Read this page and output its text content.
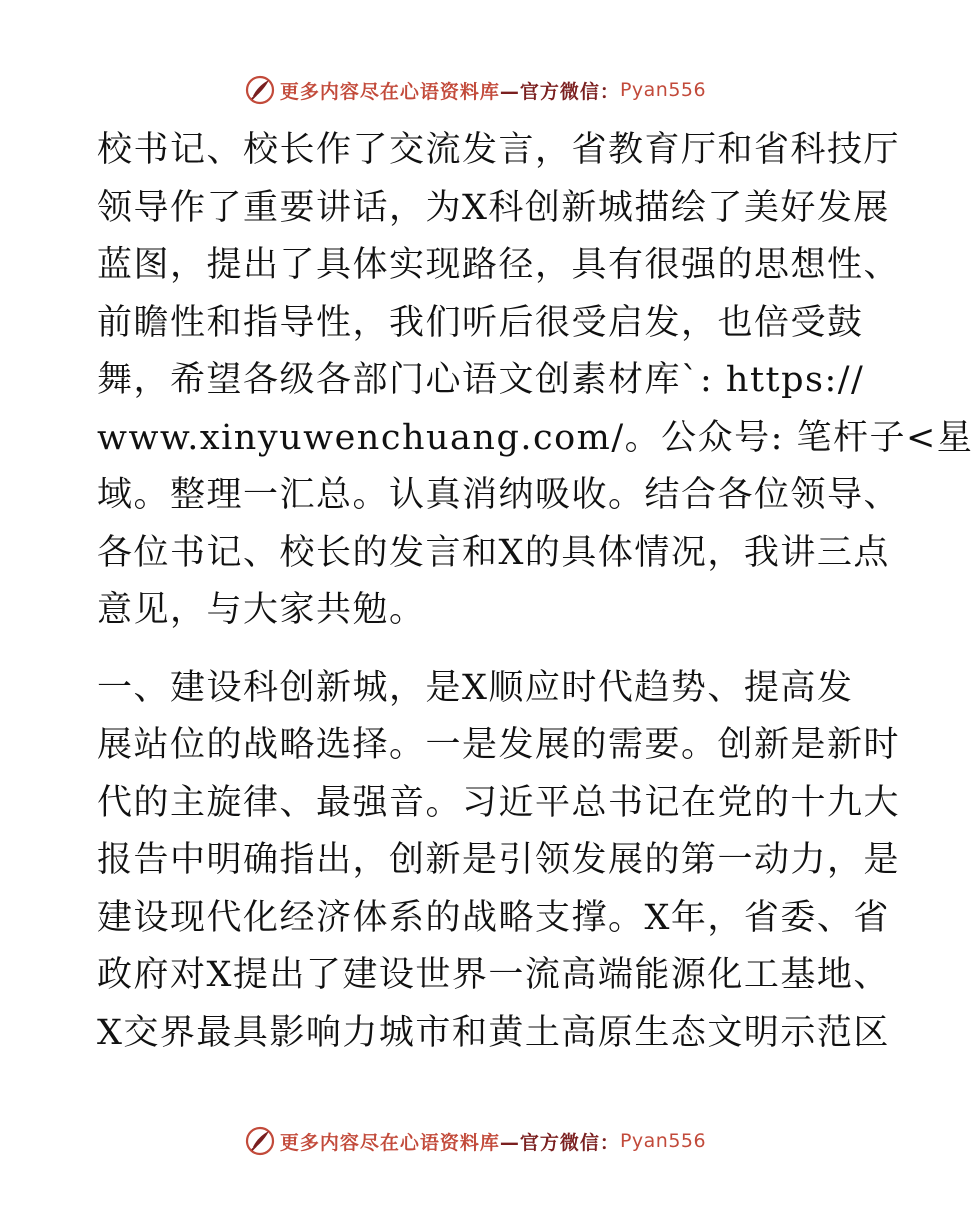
更多内容尽在心语资料库 —官方微信： Pyan556
校书记、校长作了交流发言，省教育厅和省科技厅
领导作了重要讲话，为X科创新城描绘了美好发展
蓝图，提出了具体实现路径，具有很强的思想性、
前瞻性和指导性，我们听后很受启发，也倍受鼓
舞，希望各级各部门心语文创素材库`: https://
www.xinyuwenchuang.com/。公众号: 笔杆子<星
域。整理一汇总。认真消纳吸收。结合各位领导、
各位书记、校长的发言和X的具体情况，我讲三点
意见，与大家共勉。
一、建设科创新城，是X顺应时代趋势、提高发
展站位的战略选择。一是发展的需要。创新是新时
代的主旋律、最强音。习近平总书记在党的十九大
报告中明确指出，创新是引领发展的第一动力，是
建设现代化经济体系的战略支撑。X年，省委、省
政府对X提出了建设世界一流高端能源化工基地、
X交界最具影响力城市和黄土高原生态文明示范区
更多内容尽在心语资料库 —官方微信： Pyan556
